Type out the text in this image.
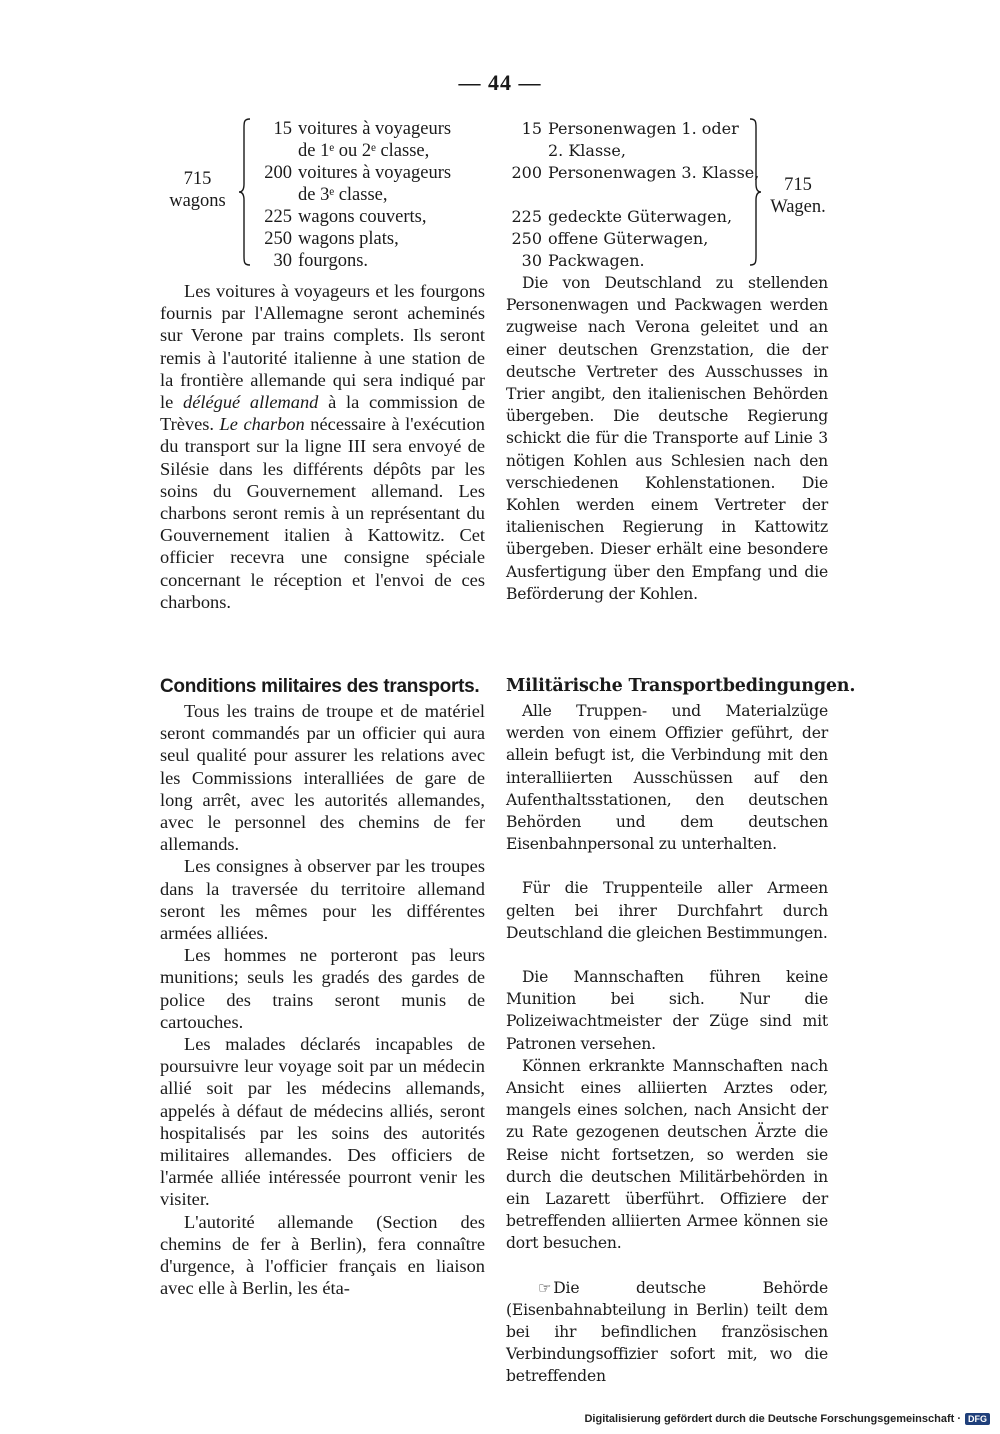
— 44 —
715
wagons
15 voitures à voyageurs
de 1ᵉ ou 2ᵉ classe,
200 voitures à voyageurs
de 3ᵉ classe,
225 wagons couverts,
250 wagons plats,
30 fourgons.
15 Personenwagen 1. oder
2. Klasse,
200 Personenwagen 3. Klasse,
225 gedeckte Güterwagen,
250 offene Güterwagen,
30 Packwagen.
715
Wagen.

Les voitures à voyageurs et les fourgons fournis par l'Allemagne seront acheminés sur Verone par trains complets. Ils seront remis à l'autorité italienne à une station de la frontière allemande qui sera indiqué par le délégué allemand à la commission de Trèves. Le charbon nécessaire à l'exécution du transport sur la ligne III sera envoyé de Silésie dans les différents dépôts par les soins du Gouvernement allemand. Les charbons seront remis à un représentant du Gouvernement italien à Kattowitz. Cet officier recevra une consigne spéciale concernant le réception et l'envoi de ces charbons.

Die von Deutschland zu stellenden Personenwagen und Packwagen werden zugweise nach Verona geleitet und an einer deutschen Grenzstation, die der deutsche Vertreter des Ausschusses in Trier angibt, den italienischen Behörden übergeben. Die deutsche Regierung schickt die für die Transporte auf Linie 3 nötigen Kohlen aus Schlesien nach den verschiedenen Kohlenstationen. Die Kohlen werden einem Vertreter der italienischen Regierung in Kattowitz übergeben. Dieser erhält eine besondere Ausfertigung über den Empfang und die Beförderung der Kohlen.

Conditions militaires des transports.	Militärische Transportbedingungen.

Tous les trains de troupe et de matériel seront commandés par un officier qui aura seul qualité pour assurer les relations avec les Commissions interalliées de gare de long arrêt, avec les autorités allemandes, avec le personnel des chemins de fer allemands.

Les consignes à observer par les troupes dans la traversée du territoire allemand seront les mêmes pour les différentes armées alliées.

Les hommes ne porteront pas leurs munitions; seuls les gradés des gardes de police des trains seront munis de cartouches.

Les malades déclarés incapables de poursuivre leur voyage soit par un médecin allié soit par les médecins allemands, appelés à défaut de médecins alliés, seront hospitalisés par les soins des autorités militaires allemandes. Des officiers de l'armée alliée intéressée pourront venir les visiter.

L'autorité allemande (Section des chemins de fer à Berlin), fera connaître d'urgence, à l'officier français en liaison avec elle à Berlin, les éta-

Alle Truppen- und Materialzüge werden von einem Offizier geführt, der allein befugt ist, die Verbindung mit den interalliierten Ausschüssen auf den Aufenthaltsstationen, den deutschen Behörden und dem deutschen Eisenbahnpersonal zu unterhalten.

Für die Truppenteile aller Armeen gelten bei ihrer Durchfahrt durch Deutschland die gleichen Bestimmungen.

Die Mannschaften führen keine Munition bei sich. Nur die Polizeiwachtmeister der Züge sind mit Patronen versehen.

Können erkrankte Mannschaften nach Ansicht eines alliierten Arztes oder, mangels eines solchen, nach Ansicht der zu Rate gezogenen deutschen Ärzte die Reise nicht fortsetzen, so werden sie durch die deutschen Militärbehörden in ein Lazarett überführt. Offiziere der betreffenden alliierten Armee können sie dort besuchen.

☞ Die deutsche Behörde (Eisenbahnabteilung in Berlin) teilt dem bei ihr befindlichen französischen Verbindungsoffizier sofort mit, wo die betreffenden

Digitalisierung gefördert durch die Deutsche Forschungsgemeinschaft · DFG
